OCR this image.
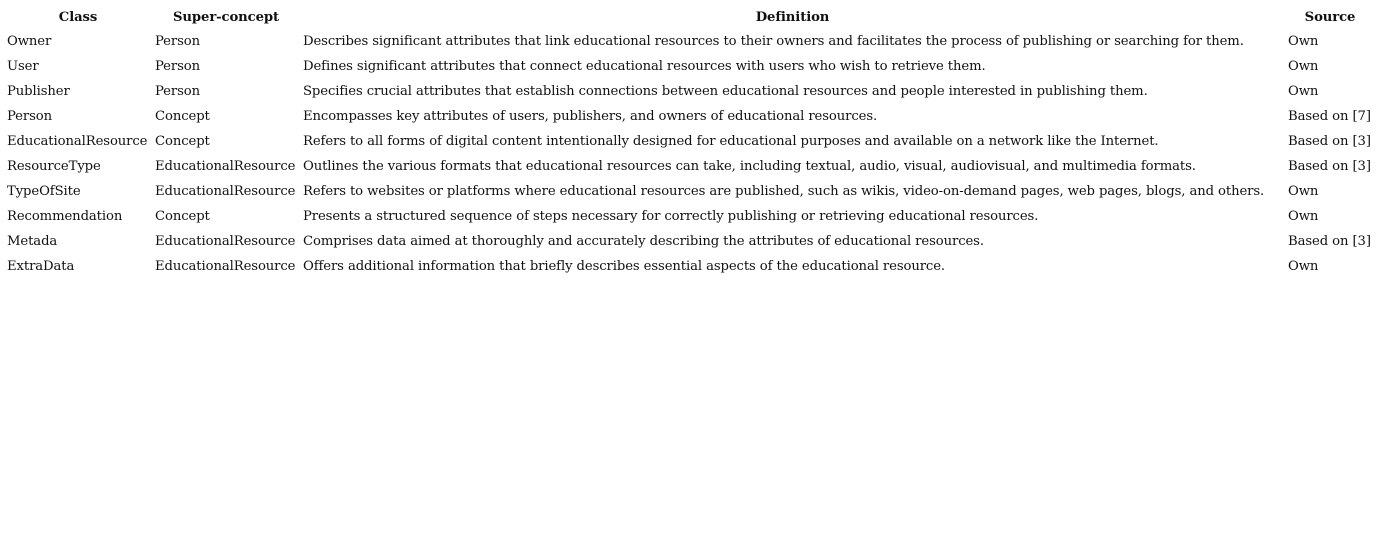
Class	Super-concept	Definition	Source
Owner	Person	Describes significant attributes that link educational resources to their owners and facilitates the process of publishing or searching for them.	Own
User	Person	Defines significant attributes that connect educational resources with users who wish to retrieve them.	Own
Publisher	Person	Specifies crucial attributes that establish connections between educational resources and people interested in publishing them.	Own
Person	Concept	Encompasses key attributes of users, publishers, and owners of educational resources.	Based on [7]
EducationalResource	Concept	Refers to all forms of digital content intentionally designed for educational purposes and available on a network like the Internet.	Based on [3]
ResourceType	EducationalResource	Outlines the various formats that educational resources can take, including textual, audio, visual, audiovisual, and multimedia formats.	Based on [3]
TypeOfSite	EducationalResource	Refers to websites or platforms where educational resources are published, such as wikis, video-on-demand pages, web pages, blogs, and others.	Own
Recommendation	Concept	Presents a structured sequence of steps necessary for correctly publishing or retrieving educational resources.	Own
Metada	EducationalResource	Comprises data aimed at thoroughly and accurately describing the attributes of educational resources.	Based on [3]
ExtraData	EducationalResource	Offers additional information that briefly describes essential aspects of the educational resource.	Own
